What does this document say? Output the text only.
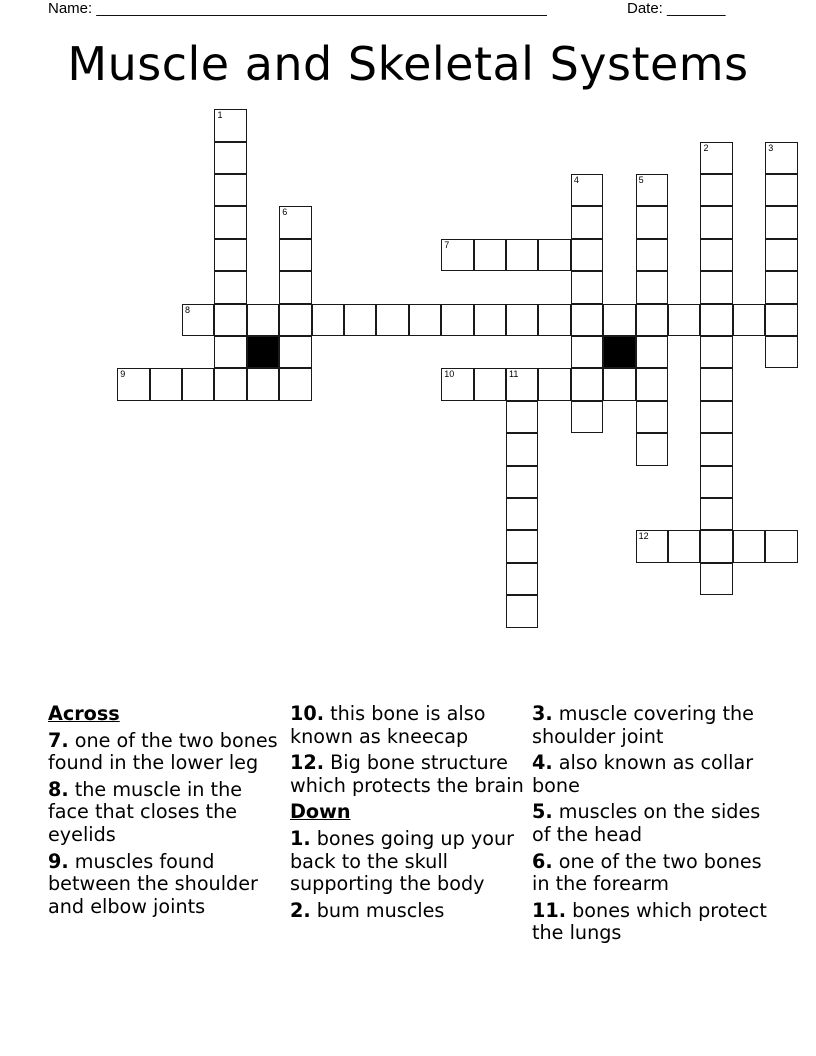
Name: ______________________________________________________	Date: _______
Muscle and Skeletal Systems
1
6
2	3
4	5
7
8
9	10	11
12
Across
7. one of the two bones found in the lower leg
8. the muscle in the face that closes the eyelids
9. muscles found between the shoulder and elbow joints
10. this bone is also known as kneecap
12. Big bone structure which protects the brain
Down
1. bones going up your back to the skull supporting the body
2. bum muscles
3. muscle covering the shoulder joint
4. also known as collar bone
5. muscles on the sides of the head
6. one of the two bones in the forearm
11. bones which protect the lungs
